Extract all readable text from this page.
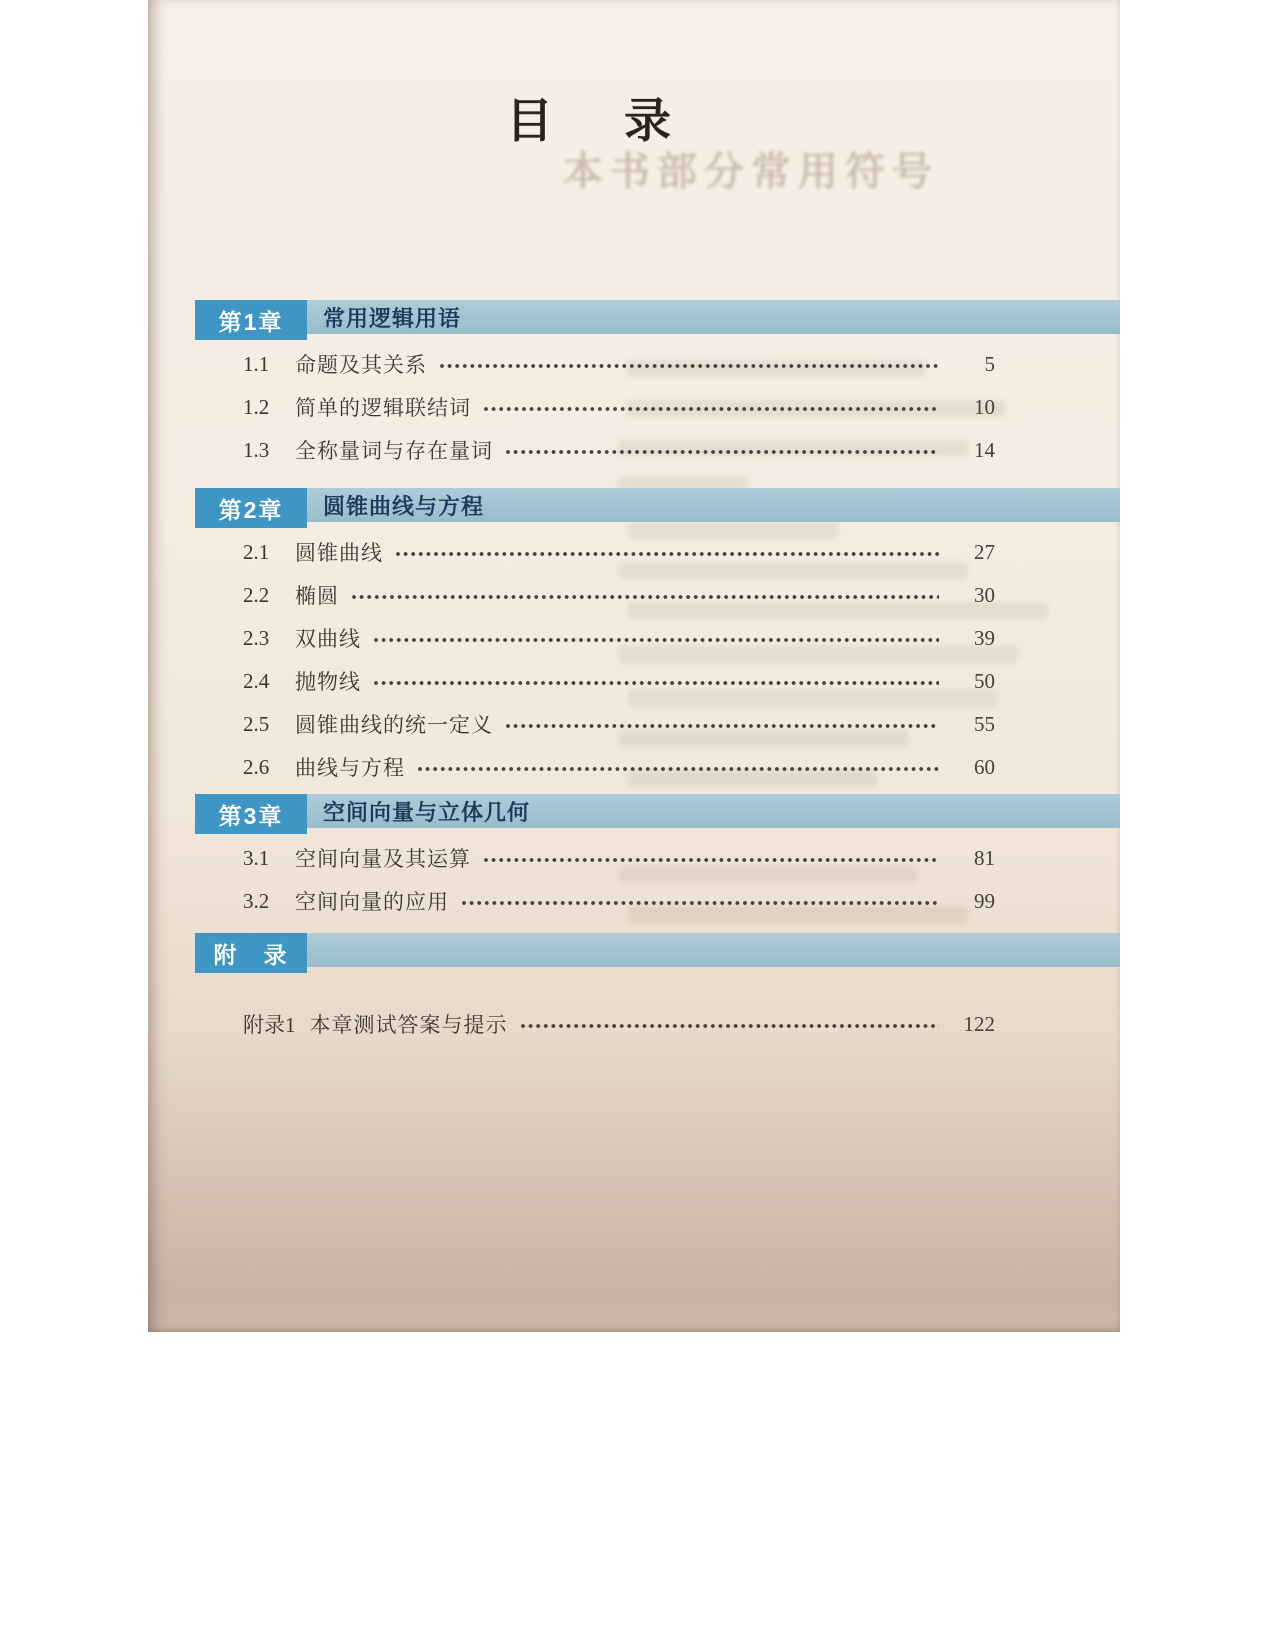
目　录
本书部分常用符号
第1章	常用逻辑用语
1.1	命题及其关系	5
1.2	简单的逻辑联结词	10
1.3	全称量词与存在量词	14
第2章	圆锥曲线与方程
2.1	圆锥曲线	27
2.2	椭圆	30
2.3	双曲线	39
2.4	抛物线	50
2.5	圆锥曲线的统一定义	55
2.6	曲线与方程	60
第3章	空间向量与立体几何
3.1	空间向量及其运算	81
3.2	空间向量的应用	99
附　录
附录1 本章测试答案与提示	122
